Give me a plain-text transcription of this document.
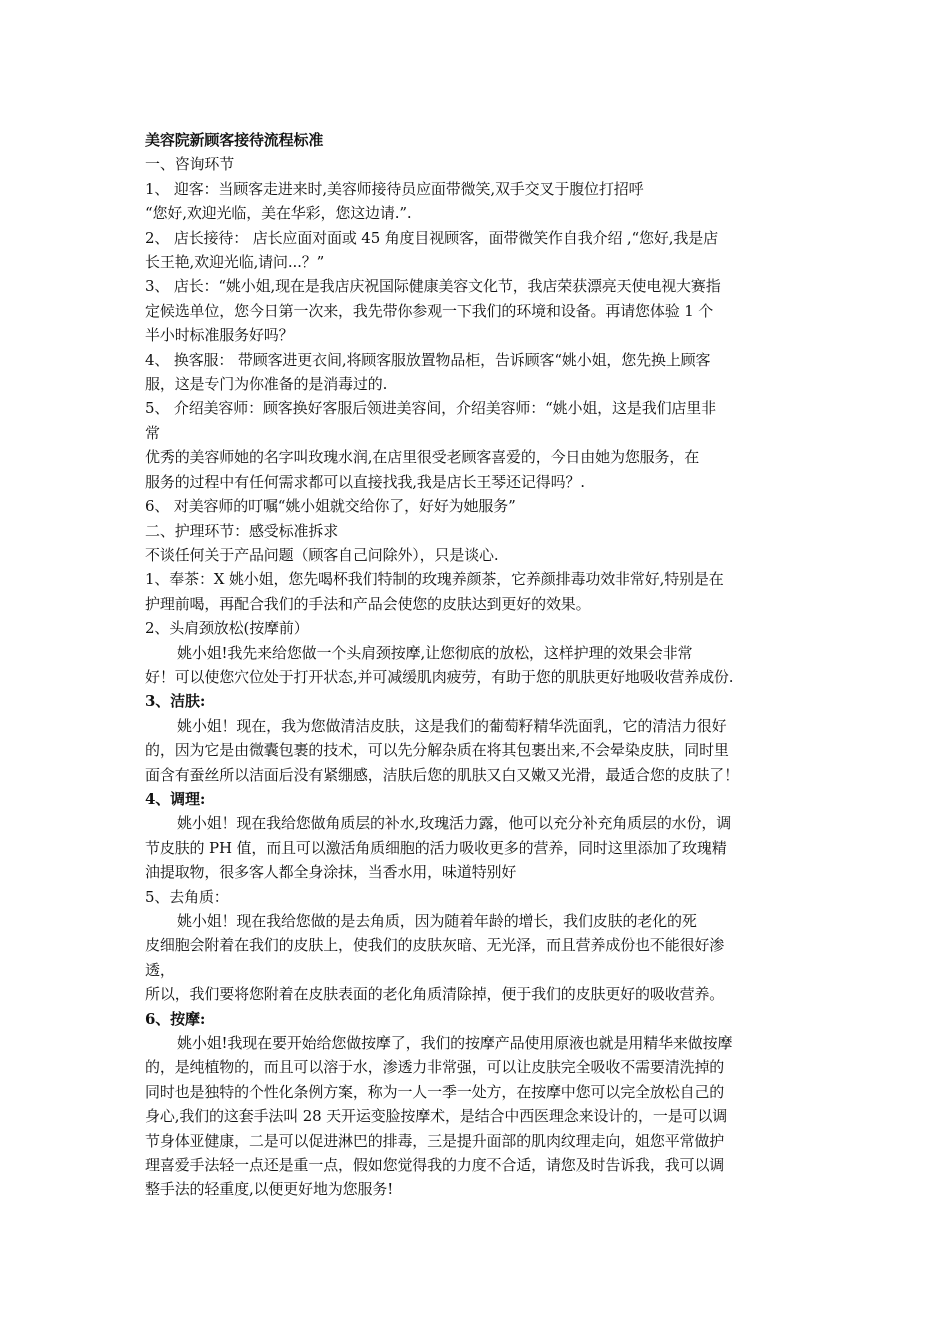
美容院新顾客接待流程标准
一、咨询环节
1、 迎客：当顾客走进来时,美容师接待员应面带微笑,双手交叉于腹位打招呼
“您好,欢迎光临，美在华彩，您这边请.”.
2、 店长接待： 店长应面对面或 45 角度目视顾客，面带微笑作自我介绍 ,“您好,我是店
长王艳,欢迎光临,请问...？”
3、 店长：“姚小姐,现在是我店庆祝国际健康美容文化节，我店荣获漂亮天使电视大赛指
定候选单位，您今日第一次来，我先带你参观一下我们的环境和设备。再请您体验 1 个
半小时标准服务好吗？
4、 换客服： 带顾客进更衣间,将顾客服放置物品柜，告诉顾客“姚小姐，您先换上顾客
服，这是专门为你准备的是消毒过的.
5、 介绍美容师：顾客换好客服后领进美容间，介绍美容师：“姚小姐，这是我们店里非
常
优秀的美容师她的名字叫玫瑰水润,在店里很受老顾客喜爱的，今日由她为您服务，在
服务的过程中有任何需求都可以直接找我,我是店长王琴还记得吗？.
6、 对美容师的叮嘱“姚小姐就交给你了，好好为她服务”
二、护理环节：感受标准拆求
不谈任何关于产品问题（顾客自己问除外），只是谈心.
1、奉茶：X 姚小姐，您先喝杯我们特制的玫瑰养颜茶，它养颜排毒功效非常好,特别是在
护理前喝，再配合我们的手法和产品会使您的皮肤达到更好的效果。
2、头肩颈放松(按摩前）
姚小姐!我先来给您做一个头肩颈按摩,让您彻底的放松，这样护理的效果会非常
好！可以使您穴位处于打开状态,并可减缓肌肉疲劳，有助于您的肌肤更好地吸收营养成份.
3、洁肤:
姚小姐！现在，我为您做清洁皮肤，这是我们的葡萄籽精华洗面乳，它的清洁力很好
的，因为它是由微囊包裹的技术，可以先分解杂质在将其包裹出来,不会晕染皮肤，同时里
面含有蚕丝所以洁面后没有紧绷感，洁肤后您的肌肤又白又嫩又光滑，最适合您的皮肤了！
4、调理:
姚小姐！现在我给您做角质层的补水,玫瑰活力露，他可以充分补充角质层的水份，调
节皮肤的 PH 值，而且可以激活角质细胞的活力吸收更多的营养，同时这里添加了玫瑰精
油提取物，很多客人都全身涂抹，当香水用，味道特别好
5、去角质：
姚小姐！现在我给您做的是去角质，因为随着年龄的增长，我们皮肤的老化的死
皮细胞会附着在我们的皮肤上，使我们的皮肤灰暗、无光泽，而且营养成份也不能很好渗
透，
所以，我们要将您附着在皮肤表面的老化角质清除掉，便于我们的皮肤更好的吸收营养。
6、按摩:
姚小姐!我现在要开始给您做按摩了，我们的按摩产品使用原液也就是用精华来做按摩
的，是纯植物的，而且可以溶于水，渗透力非常强，可以让皮肤完全吸收不需要清洗掉的
同时也是独特的个性化条例方案，称为一人一季一处方，在按摩中您可以完全放松自己的
身心,我们的这套手法叫 28 天开运变脸按摩术，是结合中西医理念来设计的，一是可以调
节身体亚健康，二是可以促进淋巴的排毒，三是提升面部的肌肉纹理走向，姐您平常做护
理喜爱手法轻一点还是重一点，假如您觉得我的力度不合适，请您及时告诉我，我可以调
整手法的轻重度,以便更好地为您服务!
